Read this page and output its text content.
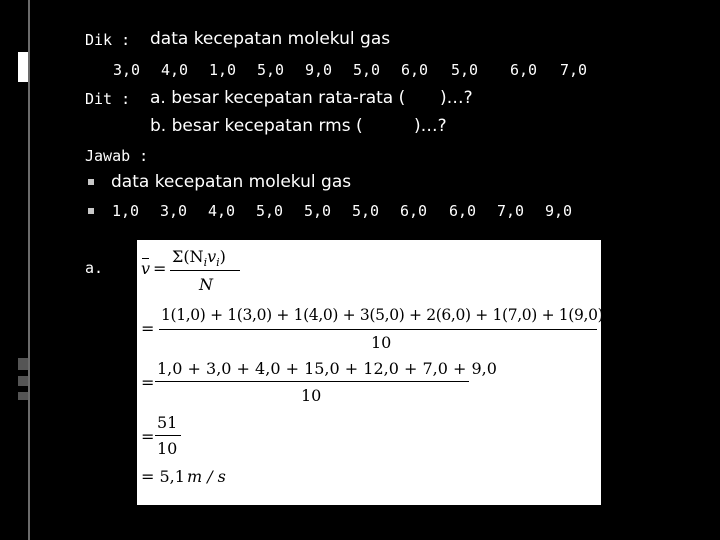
Dik : data kecepatan molekul gas
3,0 4,0 1,0 5,0 9,0 5,0 6,0 5,0 6,0 7,0
Dit : a. besar kecepatan rata-rata ( )…?
b. besar kecepatan rms (	)…?
Jawab :
data kecepatan molekul gas
1,0 3,0 4,0 5,0 5,0 5,0 6,0 6,0 7,0 9,0
a. v =
$\Sigma(N_iv_i)$
N
=
1(1,0) + 1(3,0) + 1(4,0) + 3(5,0) + 2(6,0) + 1(7,0) + 1(9,0)
10
=
1,0 + 3,0 + 4,0 + 15,0 + 12,0 + 7,0 + 9,0
10
=
51
10
= 5,1 m / s
